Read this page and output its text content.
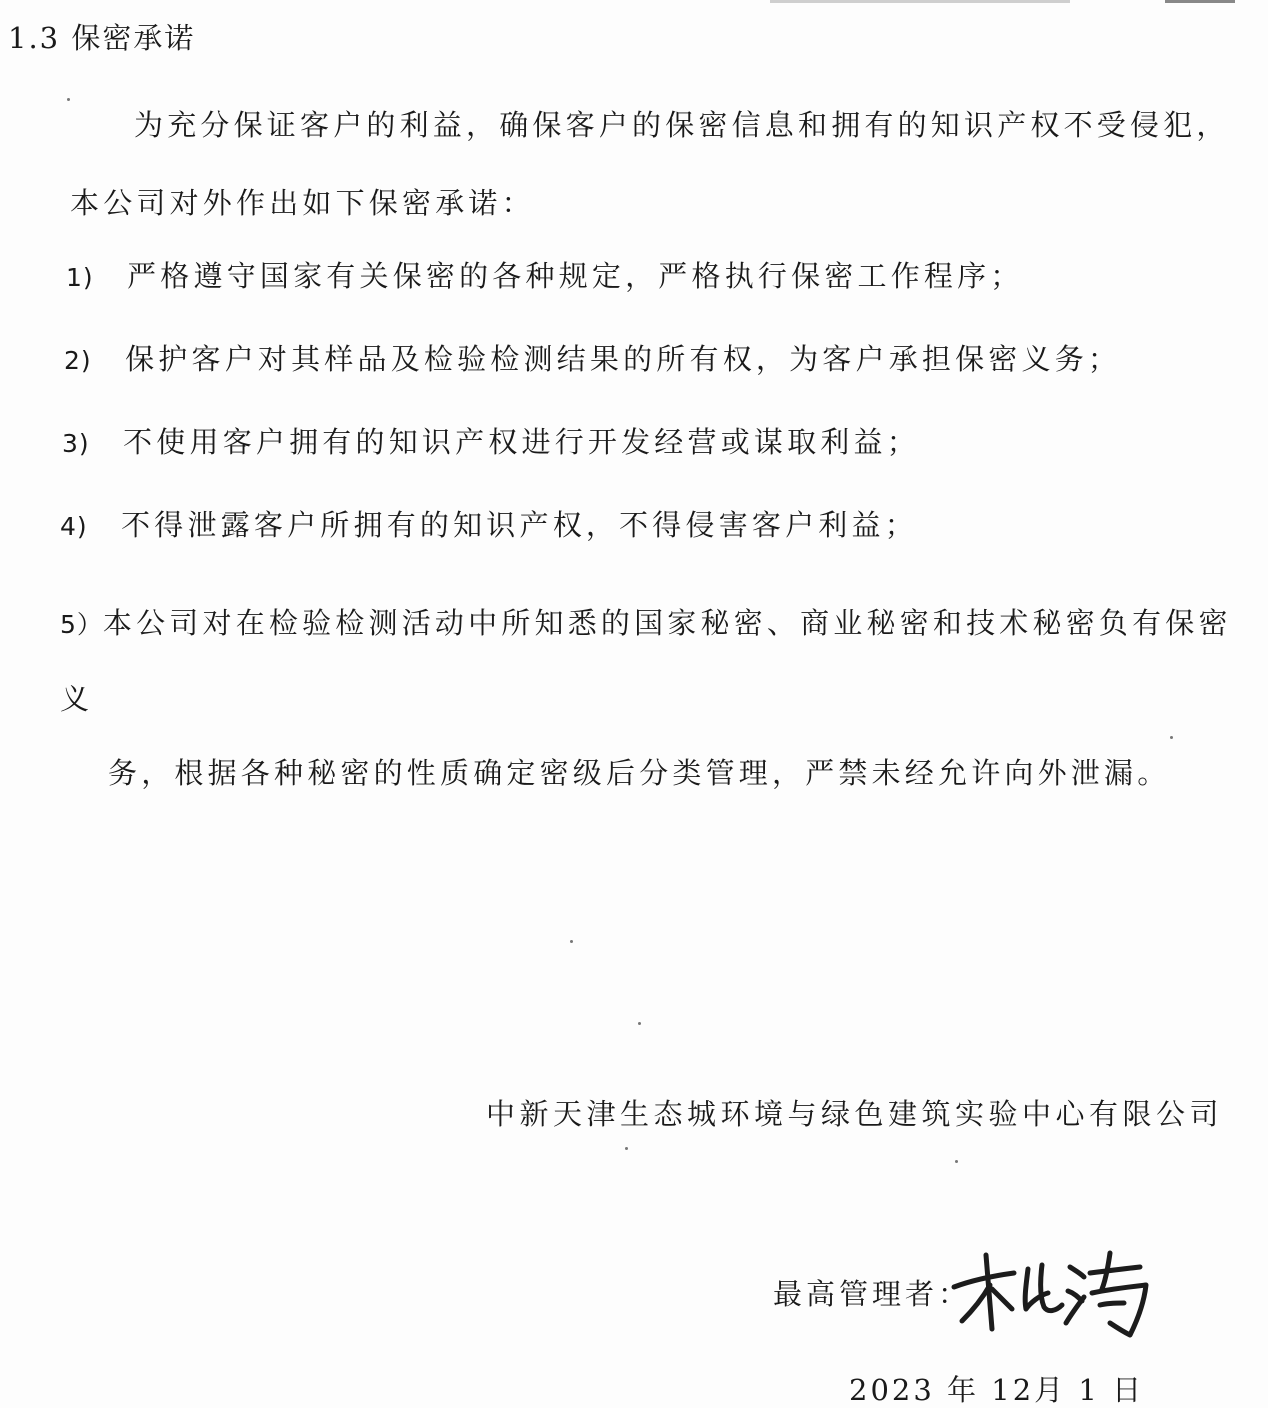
1.3 保密承诺
为充分保证客户的利益，确保客户的保密信息和拥有的知识产权不受侵犯，本公司对外作出如下保密承诺：
1) 严格遵守国家有关保密的各种规定，严格执行保密工作程序；
2) 保护客户对其样品及检验检测结果的所有权，为客户承担保密义务；
3) 不使用客户拥有的知识产权进行开发经营或谋取利益；
4) 不得泄露客户所拥有的知识产权，不得侵害客户利益；
5）本公司对在检验检测活动中所知悉的国家秘密、商业秘密和技术秘密负有保密义
务，根据各种秘密的性质确定密级后分类管理，严禁未经允许向外泄漏。
中新天津生态城环境与绿色建筑实验中心有限公司
最高管理者：
2023 年 12月 1 日
